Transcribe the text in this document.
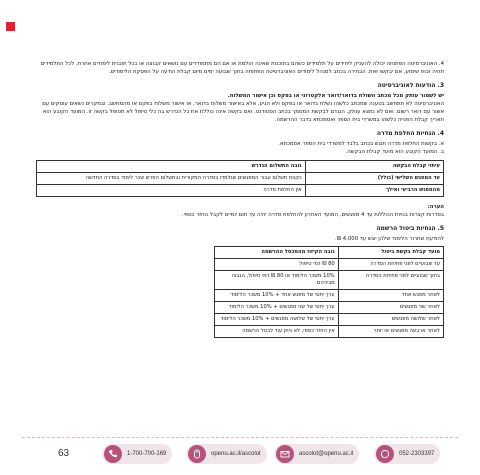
4. האוניברסיטה הפתוחה יכולה להעניק ליחידים על תלמידים כשהם בתוכנות שאינה הולמת או אם הם מתמודדים עם נושאים קבוצה או בכל תוכנית לימודים אחרת. לכל התלמידים תהיה זכות שימוע, אם יבקשו זאת. הבחירה בכתב למנהל לימודים האוניברסיטה הפתוחה בתוך שבועה ימים מיום קבלת הודעה על הפסקת הלימודים.

3. הודעות לאוניברסיטה
יש לשמור עותק מכל מכתב השולח בדואר/דואר אלקטרוני או בפקס וכן אישור המשלוח.

האוניברסיטה לא תתחשב בטענה שמכתב כלשהו נשלח בדואר או בפקס ולא הגיע, אלא באישור משלוח בדואר, או אישור משלוח בפקס או מהמחשב, ובמקרים נשאים עוסקים עם אשור עם דואר רשום. ואם לא נמצא עותק, הגנדם לבקשת המסמך בכתב הסטודנט. ואם בקשה אינה כוללת את כל הנדרש בה כלי טיפול לא תטופל בקשה זו. המועד הקובע הוא תאריך קבלת הפנייה כלשהו במשרדי בית הספר ואסמכתא בדבר ההרשמה.

4. הנחיות החלפת מדרה
א. בקשות החלפת מדרה תוגש בכתב בלבד למשרדי בית הספר אסמכתא.
ב. המועד הקובע הוא מועד קבלת הבקשה.
עיתוי קבלת הבקשה	גובה התשלום הנדרש
עד המפגש השלישי (כולל)	כקוות תשלום עבור המפגשים שנלמדו בסדרה המקורית ובתשלום הפרש שכר לימוד בסדרה החדשה
מהמפגש הרביעי ואילך	אין החלפת סדרה
הערה:
בסדרות קצרות בנויות הכוללות עד 4 מפגשים, המועד האחרון להחלפת סדרה יהיה עד תום יומיים לקבל החזר כספי.
5. הנחיות ביטול הרשמה
להודעת שחרור הלימוד שלהן יוגש עד 4,000 ₪.
מועד קבלת בקשת ביטול	גובה הקיזוז מהמכסל ההרשמה
עד שבועיים לפני פתיחת הסדרה	80 ₪ דמי טיפול
בתוך שבועיים לפני פתיחת הסדרה	10% משכר הלימוד או 80 ₪ דמי טיפול, הגבוה מביניהם
לאחר מפגש אחד	ערך יחסי של מפגש אחד + 10% משכר הלימוד
לאחר שני מפגשים	ערך יחסי של שני מפגשים + 10% משכר הלימוד
לאחר שלושה מפגשים	ערך יחסי של שלושה מפגשים + 10% משכר הלימוד
לאחר ארבעה מפגשים או יותר	אין החזר כספי, לא ניתן עוד לבטל הרשמה
63	1-700-700-169	openu.ac.il/ascolot	ascolot@openu.ac.il	052-2303397
